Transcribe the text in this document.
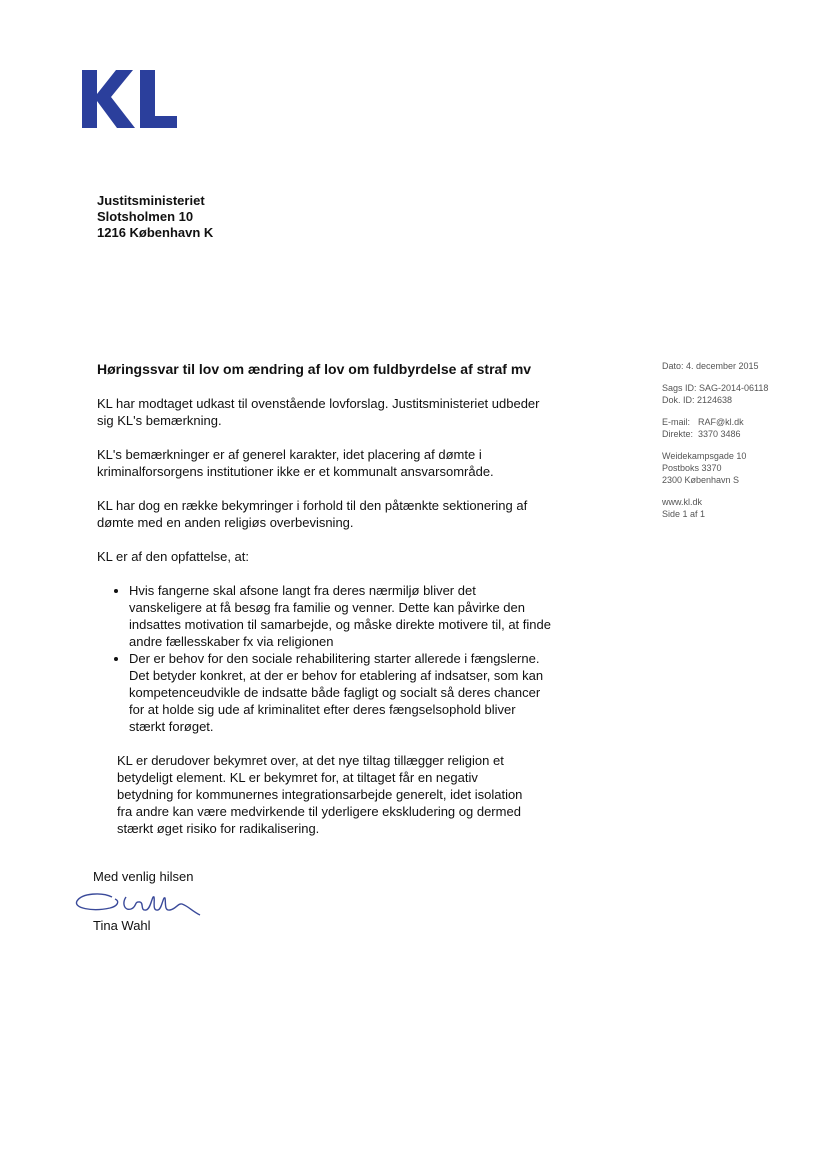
Justitsministeriet
Slotsholmen 10
1216 København K
Høringssvar til lov om ændring af lov om fuldbyrdelse af straf mv

KL har modtaget udkast til ovenstående lovforslag. Justitsministeriet udbeder sig KL's bemærkning.

KL's bemærkninger er af generel karakter, idet placering af dømte i kriminalforsorgens institutioner ikke er et kommunalt ansvarsområde.

KL har dog en række bekymringer i forhold til den påtænkte sektionering af dømte med en anden religiøs overbevisning.

KL er af den opfattelse, at:

• Hvis fangerne skal afsone langt fra deres nærmiljø bliver det vanskeligere at få besøg fra familie og venner. Dette kan påvirke den indsattes motivation til samarbejde, og måske direkte motivere til, at finde andre fællesskaber fx via religionen
• Der er behov for den sociale rehabilitering starter allerede i fængslerne. Det betyder konkret, at der er behov for etablering af indsatser, som kan kompetenceudvikle de indsatte både fagligt og socialt så deres chancer for at holde sig ude af kriminalitet efter deres fængselsophold bliver stærkt forøget.

KL er derudover bekymret over, at det nye tiltag tillægger religion et betydeligt element. KL er bekymret for, at tiltaget får en negativ betydning for kommunernes integrationsarbejde generelt, idet isolation fra andre kan være medvirkende til yderligere ekskludering og dermed stærkt øget risiko for radikalisering.

Dato: 4. december 2015
Sags ID: SAG-2014-06118
Dok. ID: 2124638
E-mail: RAF@kl.dk
Direkte: 3370 3486
Weidekampsgade 10
Postboks 3370
2300 København S
www.kl.dk
Side 1 af 1
Med venlig hilsen
Tina Wahl
